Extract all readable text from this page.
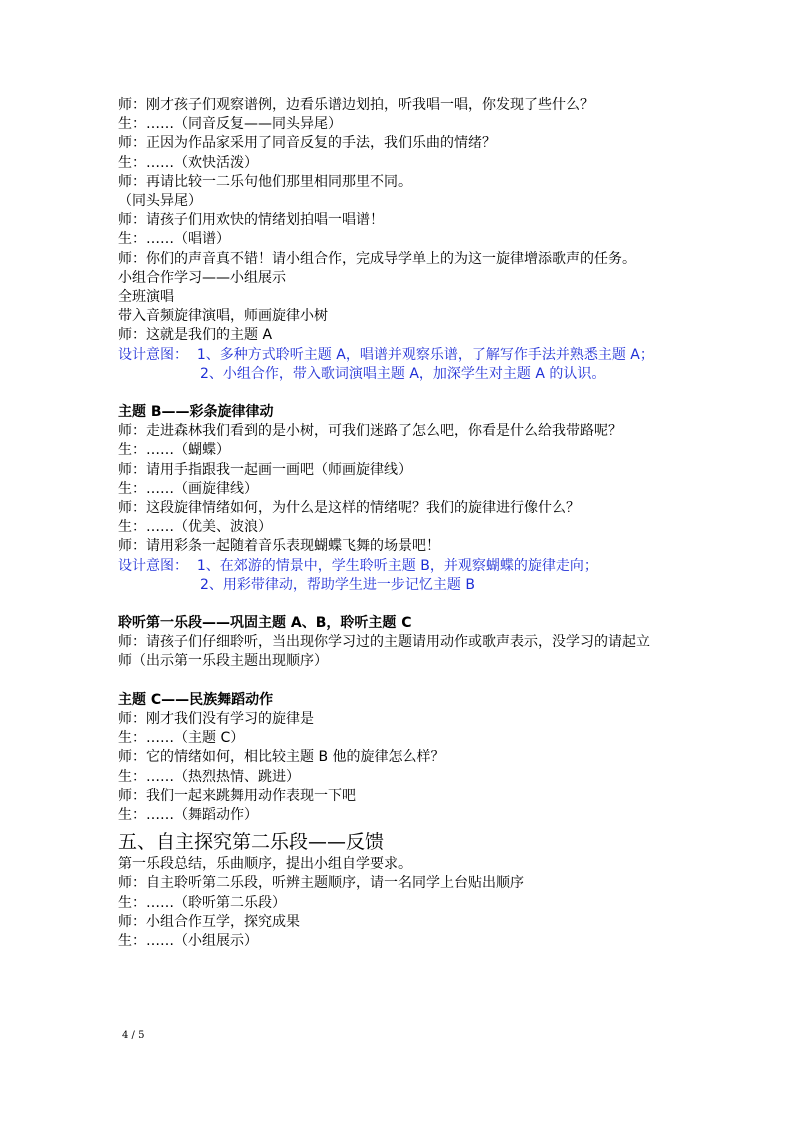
师：刚才孩子们观察谱例，边看乐谱边划拍，听我唱一唱，你发现了些什么？

生：……（同音反复——同头异尾）

师：正因为作品家采用了同音反复的手法，我们乐曲的情绪？

生：……（欢快活泼）

师：再请比较一二乐句他们那里相同那里不同。

（同头异尾）

师：请孩子们用欢快的情绪划拍唱一唱谱！

生：……（唱谱）

师：你们的声音真不错！请小组合作，完成导学单上的为这一旋律增添歌声的任务。

小组合作学习——小组展示

全班演唱

带入音频旋律演唱，师画旋律小树

师：这就是我们的主题 A

设计意图：  1、多种方式聆听主题 A，唱谱并观察乐谱，了解写作手法并熟悉主题 A；

2、小组合作，带入歌词演唱主题 A，加深学生对主题 A 的认识。

主题 B——彩条旋律律动

师：走进森林我们看到的是小树，可我们迷路了怎么吧，你看是什么给我带路呢？

生：……（蝴蝶）

师：请用手指跟我一起画一画吧（师画旋律线）

生：……（画旋律线）

师：这段旋律情绪如何，为什么是这样的情绪呢？我们的旋律进行像什么？

生：……（优美、波浪）

师：请用彩条一起随着音乐表现蝴蝶飞舞的场景吧！

设计意图：  1、在郊游的情景中，学生聆听主题 B，并观察蝴蝶的旋律走向；

2、用彩带律动，帮助学生进一步记忆主题 B

聆听第一乐段——巩固主题 A、B，聆听主题 C

师：请孩子们仔细聆听，当出现你学习过的主题请用动作或歌声表示，没学习的请起立

师（出示第一乐段主题出现顺序）

主题 C——民族舞蹈动作

师：刚才我们没有学习的旋律是

生：……（主题 C）

师：它的情绪如何，相比较主题 B 他的旋律怎么样？

生：……（热烈热情、跳进）

师：我们一起来跳舞用动作表现一下吧

生：……（舞蹈动作）

五、自主探究第二乐段——反馈

第一乐段总结，乐曲顺序，提出小组自学要求。

师：自主聆听第二乐段，听辨主题顺序，请一名同学上台贴出顺序

生：……（聆听第二乐段）

师：小组合作互学，探究成果

生：……（小组展示）

4 / 5
